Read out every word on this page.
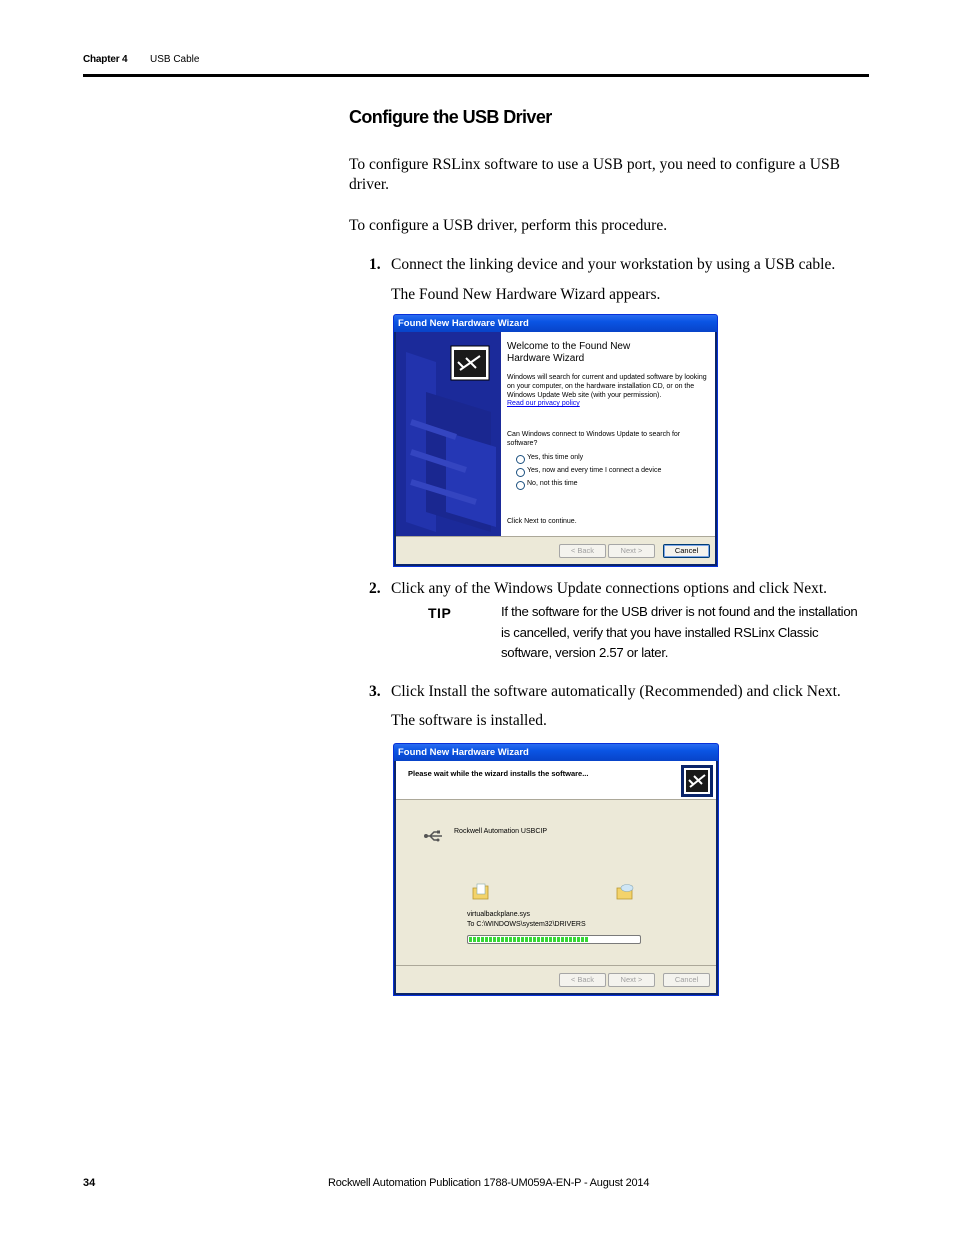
Chapter 4 USB Cable
Configure the USB Driver
To configure RSLinx software to use a USB port, you need to configure a USB driver.
To configure a USB driver, perform this procedure.
1. Connect the linking device and your workstation by using a USB cable.
The Found New Hardware Wizard appears.
Found New Hardware Wizard
Welcome to the Found New Hardware Wizard
Windows will search for current and updated software by looking on your computer, on the hardware installation CD, or on the Windows Update Web site (with your permission).
Read our privacy policy
Can Windows connect to Windows Update to search for software?
Yes, this time only
Yes, now and every time I connect a device
No, not this time
Click Next to continue.
< Back	Next >	Cancel
2. Click any of the Windows Update connections options and click Next.
TIP	If the software for the USB driver is not found and the installation is cancelled, verify that you have installed RSLinx Classic software, version 2.57 or later.
3. Click Install the software automatically (Recommended) and click Next.
The software is installed.
Found New Hardware Wizard
Please wait while the wizard installs the software...
Rockwell Automation USBCIP
virtualbackplane.sys
To C:\WINDOWS\system32\DRIVERS
< Back	Next >	Cancel
34	Rockwell Automation Publication 1788-UM059A-EN-P - August 2014
